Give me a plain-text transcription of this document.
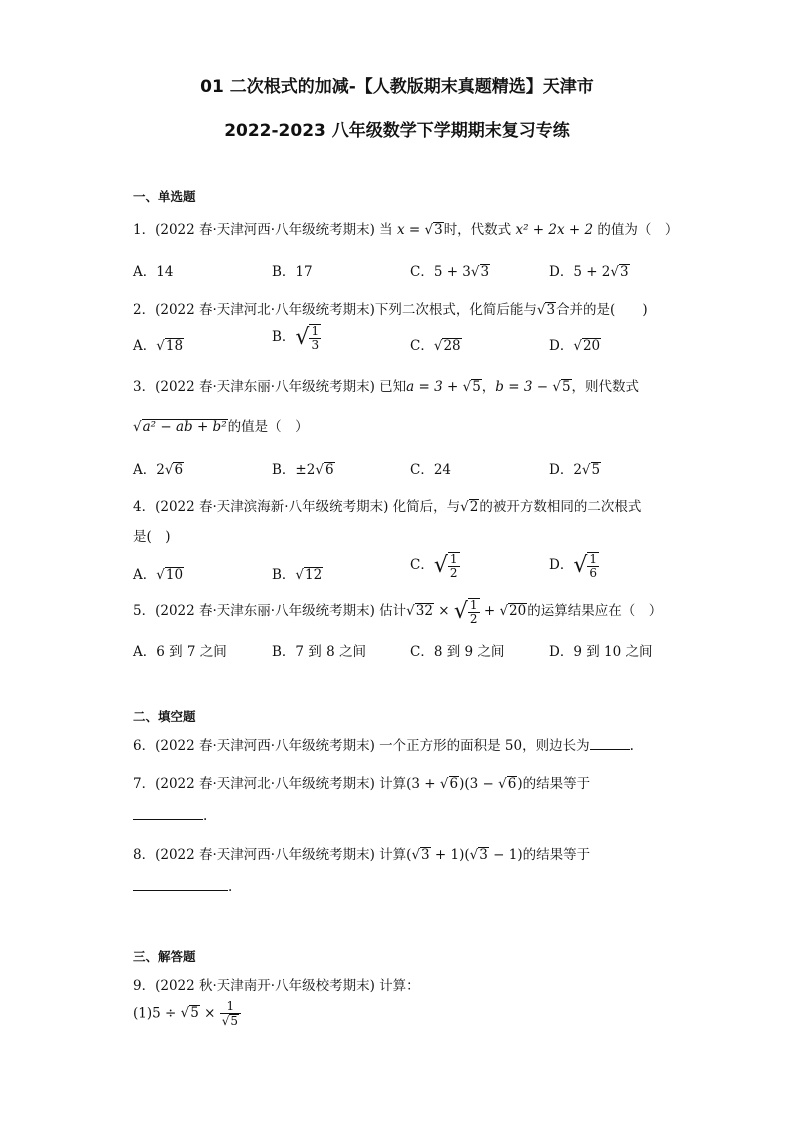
01 二次根式的加减-【人教版期末真题精选】天津市
2022-2023 八年级数学下学期期末复习专练
一、单选题
1．(2022 春·天津河西·八年级统考期末) 当 x = √3时，代数式 x² + 2x + 2 的值为（　）
A．14	B．17	C．5 + 3√3	D．5 + 2√3
2．(2022 春·天津河北·八年级统考期末)下列二次根式，化简后能与√3合并的是(　　)
A．√18
B．√ $\frac{1}{3}$	C．√28	D．√20
3．(2022 春·天津东丽·八年级统考期末) 已知a = 3 + √5，b = 3 − √5，则代数式
√a² − ab + b²的值是（　）
A．2√6	B．±2√6	C．24	D．2√5
4．(2022 春·天津滨海新·八年级统考期末) 化简后，与√2的被开方数相同的二次根式
是(　)
A．√10	B．√12
C．√ $\frac{1}{2}$	D．√ $\frac{1}{6}$
5．(2022 春·天津东丽·八年级统考期末) 估计√32 × √ $\frac{1}{2} + √20$的运算结果应在（　）
A．6 到 7 之间	B．7 到 8 之间	C．8 到 9 之间	D．9 到 10 之间
二、填空题
6．(2022 春·天津河西·八年级统考期末) 一个正方形的面积是 50，则边长为	.
7．(2022 春·天津河北·八年级统考期末) 计算(3 + √6)(3 − √6)的结果等于
.
8．(2022 春·天津河西·八年级统考期末) 计算(√3 + 1)(√3 − 1)的结果等于
.
三、解答题
9．(2022 秋·天津南开·八年级校考期末) 计算：
$(1)5 \div √5 \times \frac{1}{√5}$
